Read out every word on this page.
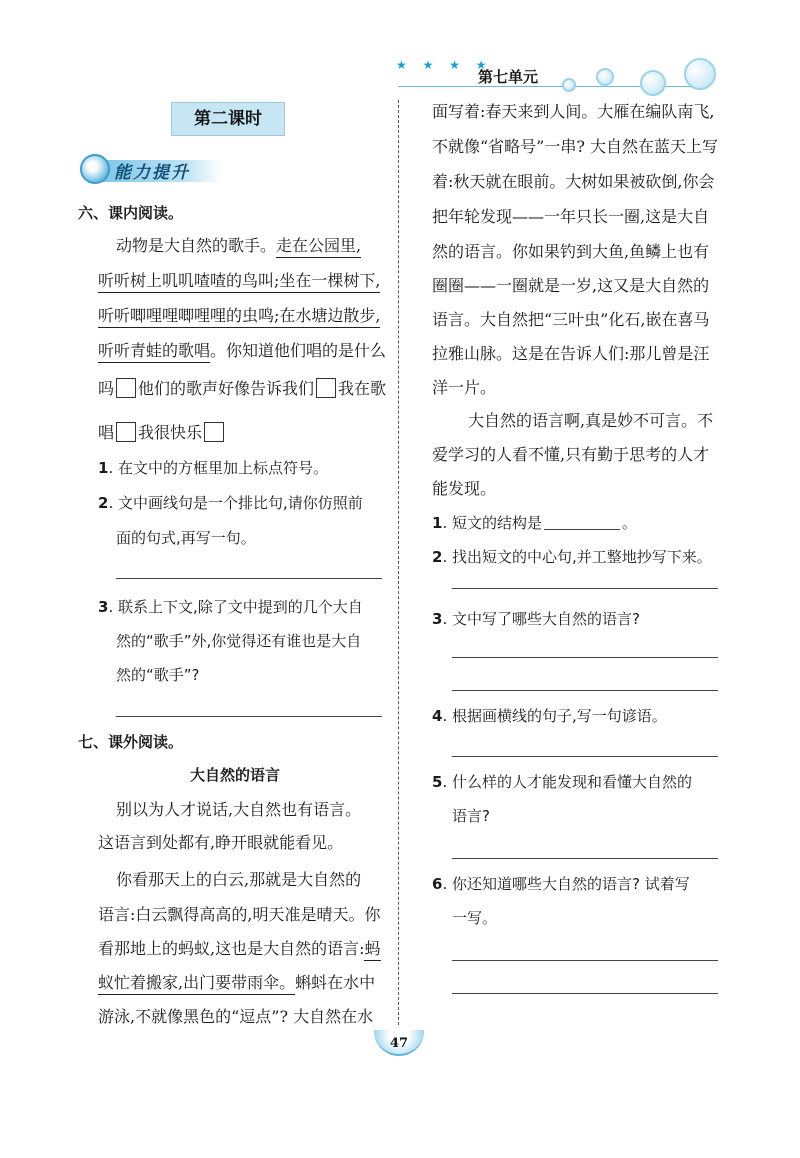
★ ★ ★ ★
第七单元
第二课时
能力提升
六、课内阅读。
动物是大自然的歌手。走在公园里,
听听树上叽叽喳喳的鸟叫;坐在一棵树下,
听听唧哩哩唧哩哩的虫鸣;在水塘边散步,
听听青蛙的歌唱。你知道他们唱的是什么
吗 他们的歌声好像告诉我们 我在歌
唱 我很快乐
1. 在文中的方框里加上标点符号。
2. 文中画线句是一个排比句,请你仿照前
面的句式,再写一句。
3. 联系上下文,除了文中提到的几个大自
然的“歌手”外,你觉得还有谁也是大自
然的“歌手”?
七、课外阅读。
大自然的语言
别以为人才说话,大自然也有语言。
这语言到处都有,睁开眼就能看见。
你看那天上的白云,那就是大自然的
语言:白云飘得高高的,明天准是晴天。你
看那地上的蚂蚁,这也是大自然的语言:蚂
蚁忙着搬家,出门要带雨伞。蝌蚪在水中
游泳,不就像黑色的“逗点”? 大自然在水
面写着:春天来到人间。大雁在编队南飞,
不就像“省略号”一串? 大自然在蓝天上写
着:秋天就在眼前。大树如果被砍倒,你会
把年轮发现——一年只长一圈,这是大自
然的语言。你如果钓到大鱼,鱼鳞上也有
圈圈——一圈就是一岁,这又是大自然的
语言。大自然把“三叶虫”化石,嵌在喜马
拉雅山脉。这是在告诉人们:那儿曾是汪
洋一片。
大自然的语言啊,真是妙不可言。不
爱学习的人看不懂,只有勤于思考的人才
能发现。
1. 短文的结构是	。
2. 找出短文的中心句,并工整地抄写下来。
3. 文中写了哪些大自然的语言?
4. 根据画横线的句子,写一句谚语。
5. 什么样的人才能发现和看懂大自然的
语言?
6. 你还知道哪些大自然的语言? 试着写
一写。
47
